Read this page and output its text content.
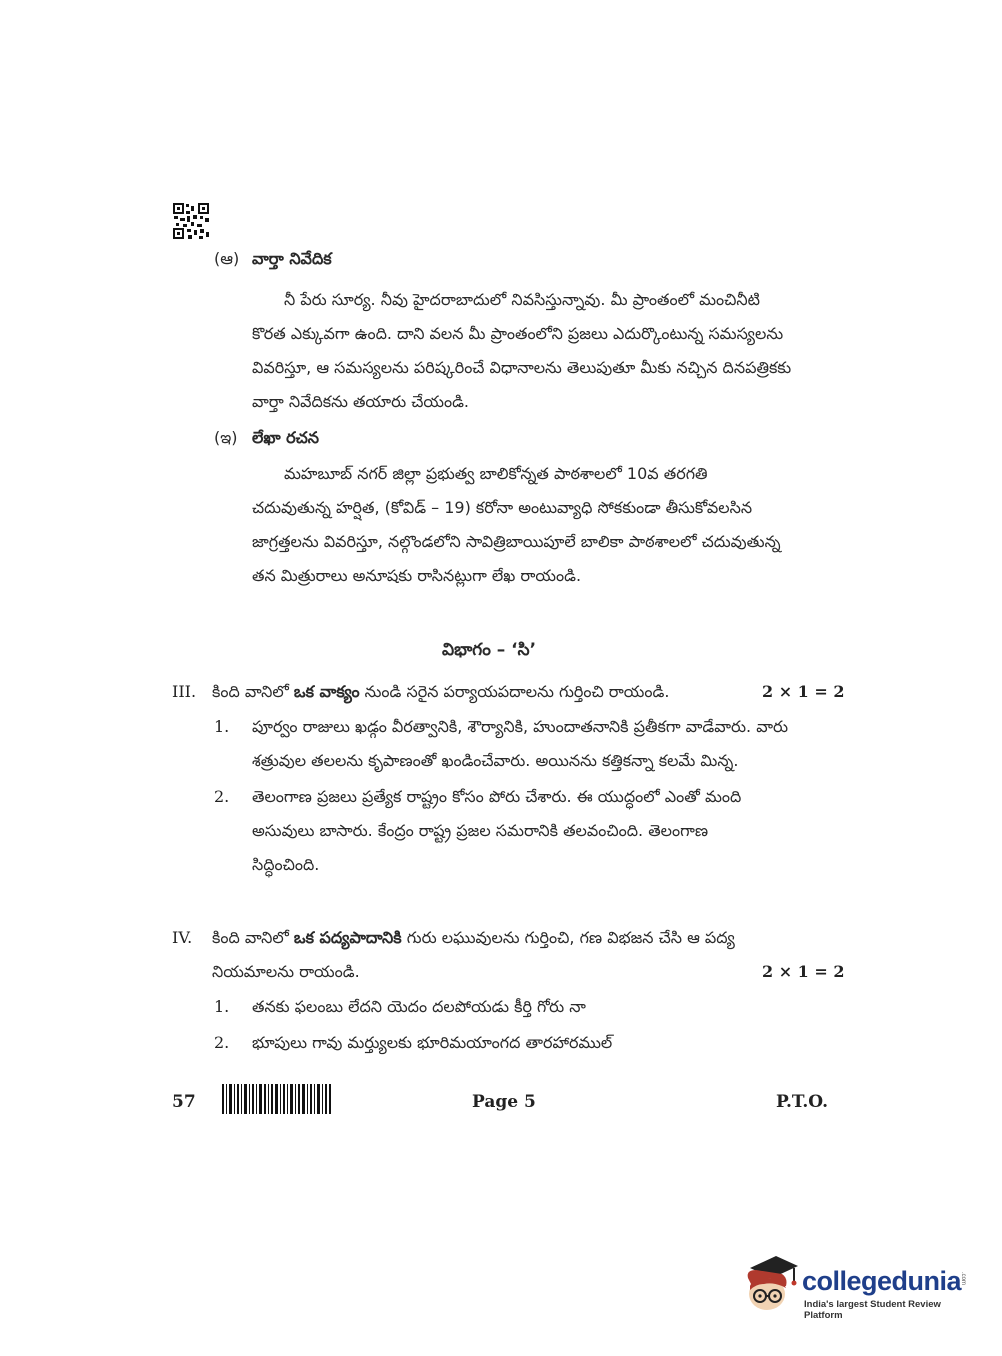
(ఆ) వార్తా నివేదిక
నీ పేరు సూర్య. నీవు హైదరాబాదులో నివసిస్తున్నావు. మీ ప్రాంతంలో మంచినీటి
కొరత ఎక్కువగా ఉంది. దాని వలన మీ ప్రాంతంలోని ప్రజలు ఎదుర్కొంటున్న సమస్యలను
వివరిస్తూ, ఆ సమస్యలను పరిష్కరించే విధానాలను తెలుపుతూ మీకు నచ్చిన దినపత్రికకు
వార్తా నివేదికను తయారు చేయండి.
(ఇ) లేఖా రచన
మహబూబ్ నగర్ జిల్లా ప్రభుత్వ బాలికోన్నత పాఠశాలలో 10వ తరగతి
చదువుతున్న హర్షిత, (కోవిడ్ – 19) కరోనా అంటువ్యాధి సోకకుండా తీసుకోవలసిన
జాగ్రత్తలను వివరిస్తూ, నల్గొండలోని సావిత్రిబాయిపూలే బాలికా పాఠశాలలో చదువుతున్న
తన మిత్రురాలు అనూషకు రాసినట్లుగా లేఖ రాయండి.
విభాగం – ‘సి’
III. కింది వానిలో ఒక వాక్యం నుండి సరైన పర్యాయపదాలను గుర్తించి రాయండి.	2 × 1 = 2
1. పూర్వం రాజులు ఖడ్గం వీరత్వానికి, శౌర్యానికి, హుందాతనానికి ప్రతీకగా వాడేవారు. వారు
శత్రువుల తలలను కృపాణంతో ఖండించేవారు. అయినను కత్తికన్నా కలమే మిన్న.
2. తెలంగాణ ప్రజలు ప్రత్యేక రాష్ట్రం కోసం పోరు చేశారు. ఈ యుద్ధంలో ఎంతో మంది
అసువులు బాసారు. కేంద్రం రాష్ట్ర ప్రజల సమరానికి తలవంచింది. తెలంగాణ
సిద్ధించింది.
IV. కింది వానిలో ఒక పద్యపాదానికి గురు లఘువులను గుర్తించి, గణ విభజన చేసి ఆ పద్య
నియమాలను రాయండి.	2 × 1 = 2
1. తనకు ఫలంబు లేదని యెదం దలపోయడు కీర్తి గోరు నా
2. భూపులు గావు మర్త్యులకు భూరిమయాంగద తారహారముల్
57	Page 5	P.T.O.
collegedunia
.com
India's largest Student Review Platform
